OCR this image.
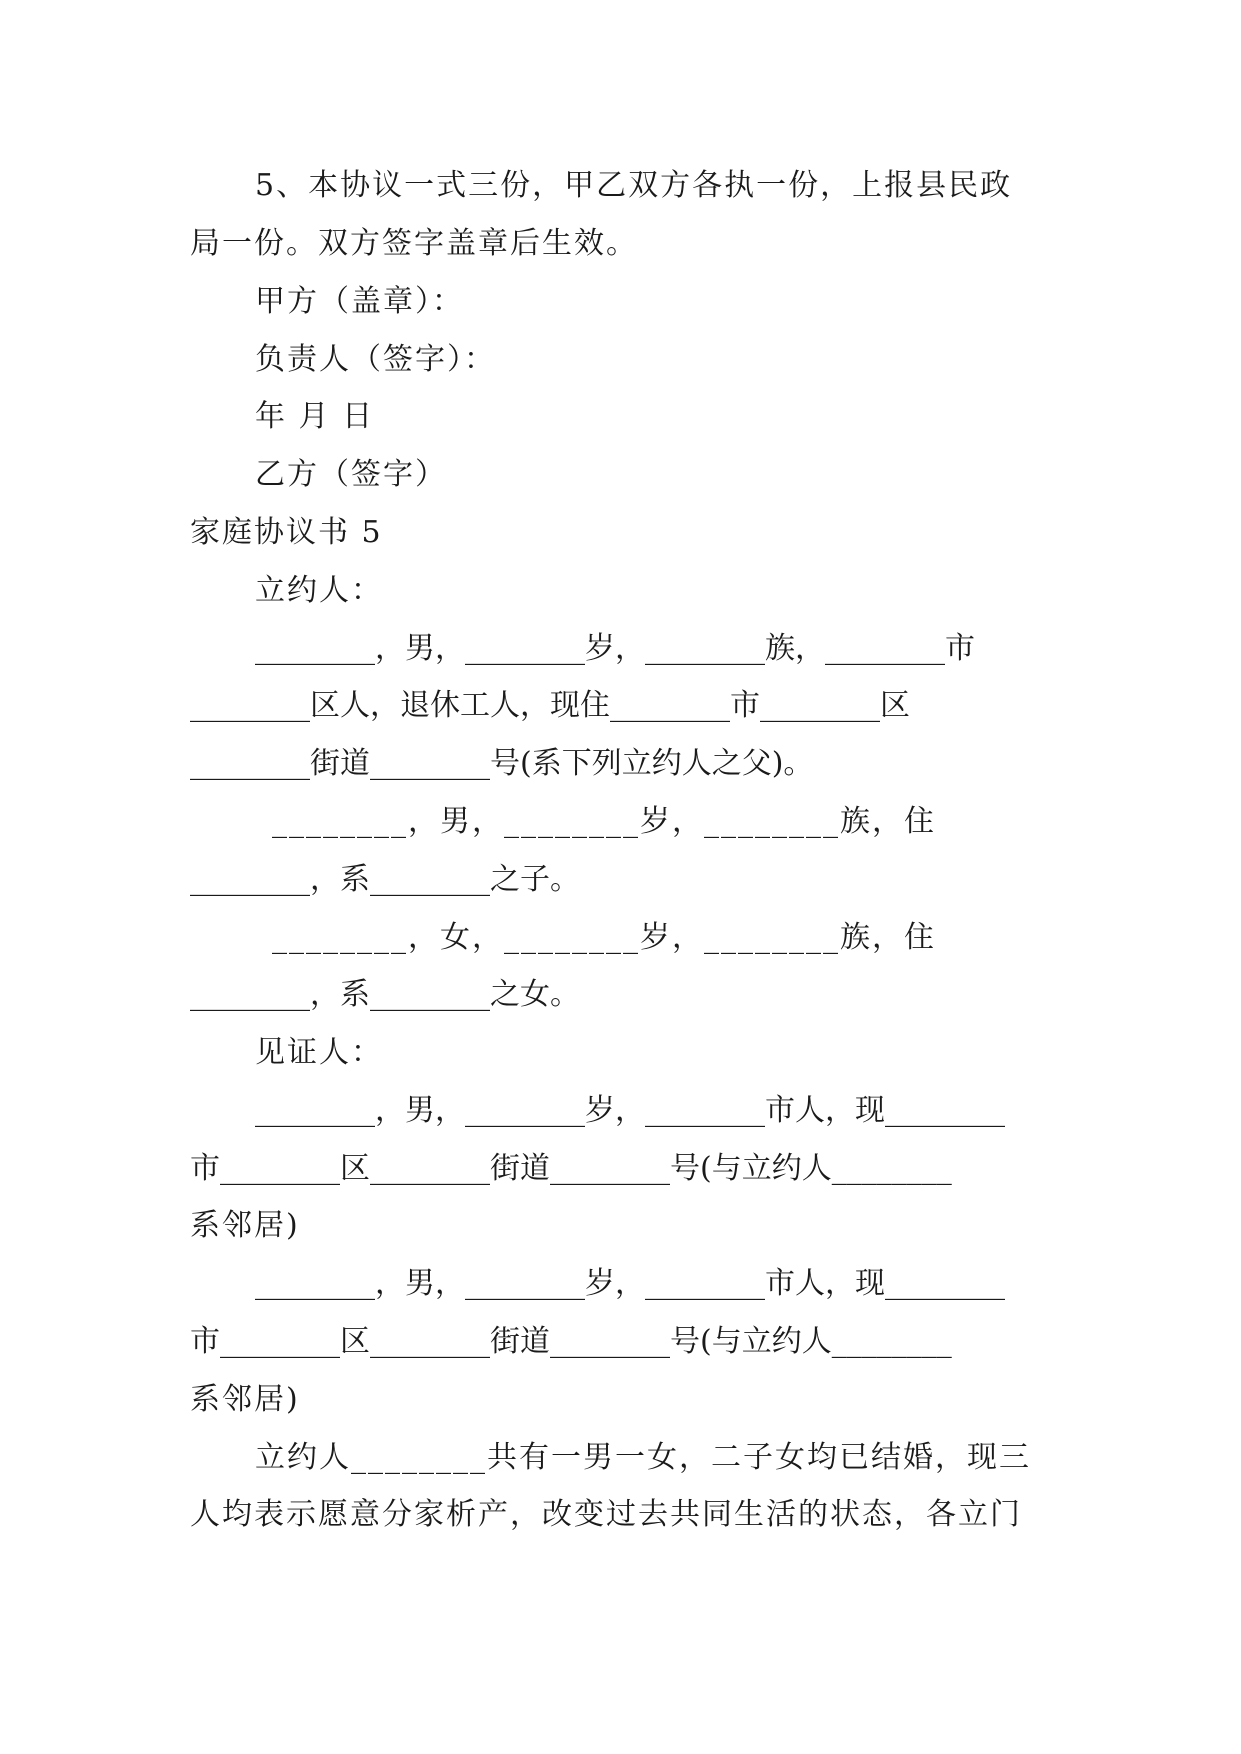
5、本协议一式三份，甲乙双方各执一份，上报县民政
局一份。双方签字盖章后生效。
甲方（盖章）：
负责人（签字）：
年 月 日
乙方（签字）
家庭协议书 5
立约人：
________，男，________岁，________族，________市
________区人，退休工人，现住________市________区
________街道________号(系下列立约人之父)。
________，男，________岁，________族，住
________，系________之子。
________，女，________岁，________族，住
________，系________之女。
见证人：
________，男，________岁，________市人，现________
市________区________街道________号(与立约人________
系邻居)
________，男，________岁，________市人，现________
市________区________街道________号(与立约人________
系邻居)
立约人________共有一男一女，二子女均已结婚，现三
人均表示愿意分家析产，改变过去共同生活的状态，各立门
